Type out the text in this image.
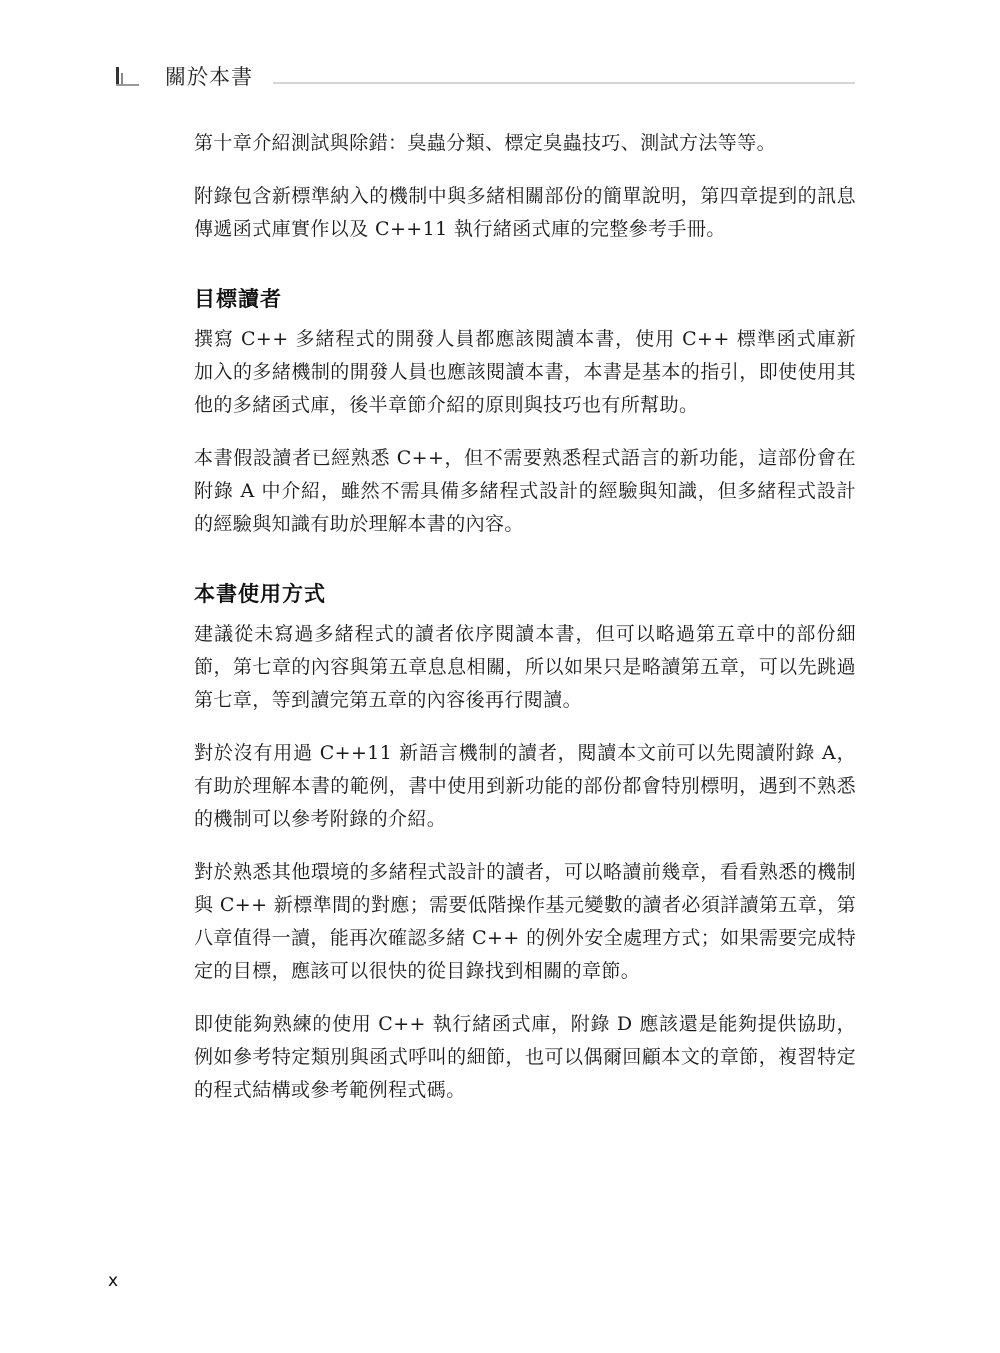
關於本書

第十章介紹測試與除錯：臭蟲分類、標定臭蟲技巧、測試方法等等。

附錄包含新標準納入的機制中與多緒相關部份的簡單說明，第四章提到的訊息傳遞函式庫實作以及 C++11 執行緒函式庫的完整參考手冊。

目標讀者

撰寫 C++ 多緒程式的開發人員都應該閱讀本書，使用 C++ 標準函式庫新加入的多緒機制的開發人員也應該閱讀本書，本書是基本的指引，即使使用其他的多緒函式庫，後半章節介紹的原則與技巧也有所幫助。

本書假設讀者已經熟悉 C++，但不需要熟悉程式語言的新功能，這部份會在附錄 A 中介紹，雖然不需具備多緒程式設計的經驗與知識，但多緒程式設計的經驗與知識有助於理解本書的內容。

本書使用方式

建議從未寫過多緒程式的讀者依序閱讀本書，但可以略過第五章中的部份細節，第七章的內容與第五章息息相關，所以如果只是略讀第五章，可以先跳過第七章，等到讀完第五章的內容後再行閱讀。

對於沒有用過 C++11 新語言機制的讀者，閱讀本文前可以先閱讀附錄 A，有助於理解本書的範例，書中使用到新功能的部份都會特別標明，遇到不熟悉的機制可以參考附錄的介紹。

對於熟悉其他環境的多緒程式設計的讀者，可以略讀前幾章，看看熟悉的機制與 C++ 新標準間的對應；需要低階操作基元變數的讀者必須詳讀第五章，第八章值得一讀，能再次確認多緒 C++ 的例外安全處理方式；如果需要完成特定的目標，應該可以很快的從目錄找到相關的章節。

即使能夠熟練的使用 C++ 執行緒函式庫，附錄 D 應該還是能夠提供協助，例如參考特定類別與函式呼叫的細節，也可以偶爾回顧本文的章節，複習特定的程式結構或參考範例程式碼。

x
